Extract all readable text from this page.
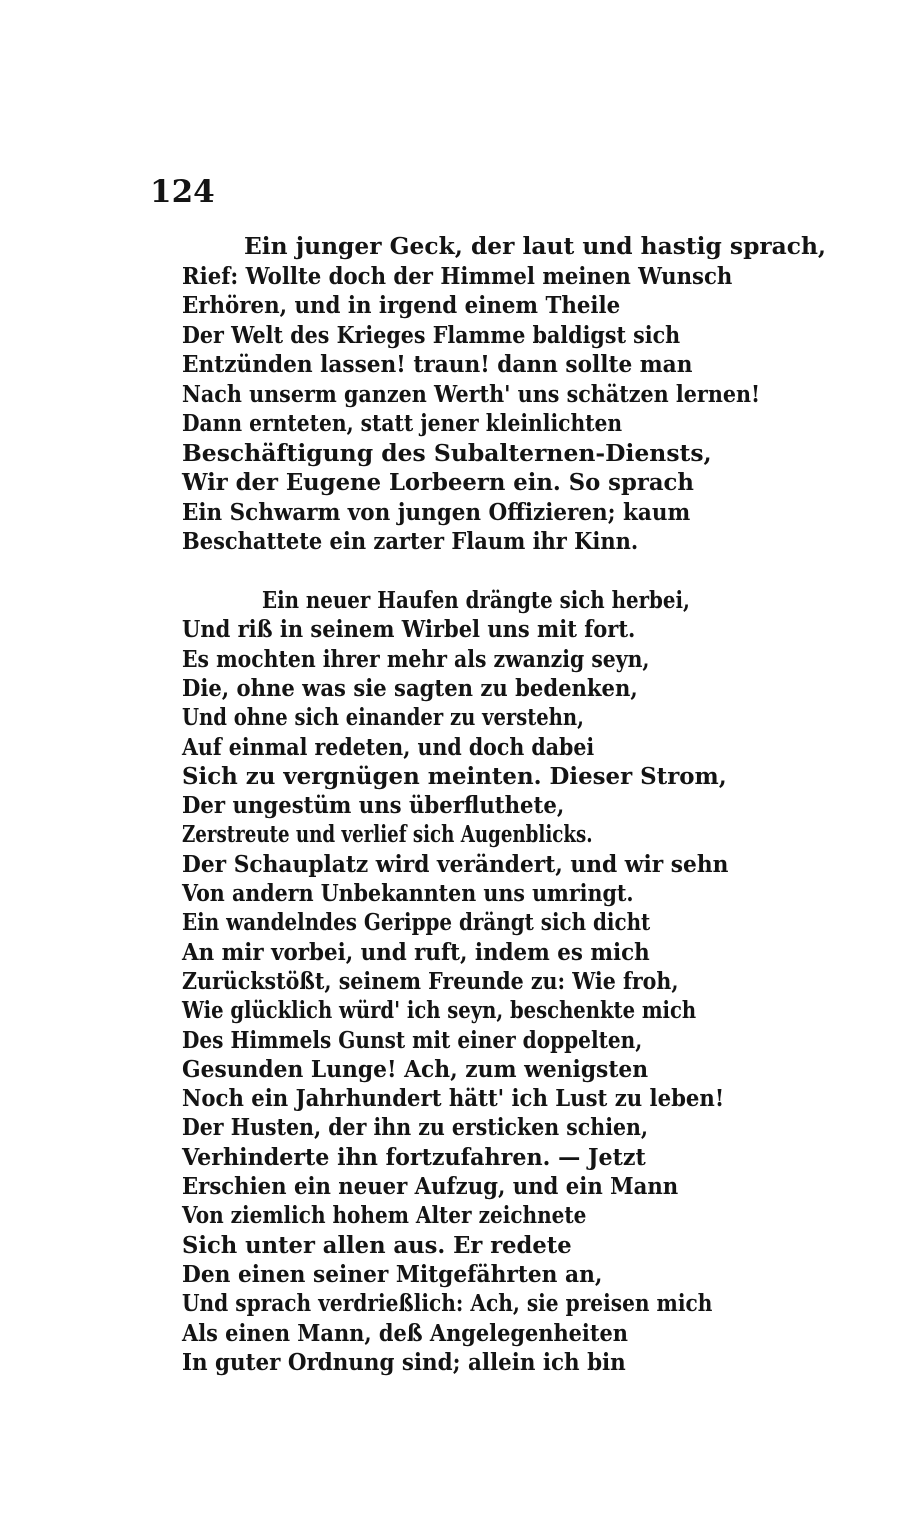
124
Ein junger Geck, der laut und hastig sprach,
Rief: Wollte doch der Himmel meinen Wunsch
Erhören, und in irgend einem Theile
Der Welt des Krieges Flamme baldigst sich
Entzünden lassen! traun! dann sollte man
Nach unserm ganzen Werth' uns schätzen lernen!
Dann ernteten, statt jener kleinlichten
Beschäftigung des Subalternen-Diensts,
Wir der Eugene Lorbeern ein. So sprach
Ein Schwarm von jungen Offizieren; kaum
Beschattete ein zarter Flaum ihr Kinn.
Ein neuer Haufen drängte sich herbei,
Und riß in seinem Wirbel uns mit fort.
Es mochten ihrer mehr als zwanzig seyn,
Die, ohne was sie sagten zu bedenken,
Und ohne sich einander zu verstehn,
Auf einmal redeten, und doch dabei
Sich zu vergnügen meinten. Dieser Strom,
Der ungestüm uns überfluthete,
Zerstreute und verlief sich Augenblicks.
Der Schauplatz wird verändert, und wir sehn
Von andern Unbekannten uns umringt.
Ein wandelndes Gerippe drängt sich dicht
An mir vorbei, und ruft, indem es mich
Zurückstößt, seinem Freunde zu: Wie froh,
Wie glücklich würd' ich seyn, beschenkte mich
Des Himmels Gunst mit einer doppelten,
Gesunden Lunge! Ach, zum wenigsten
Noch ein Jahrhundert hätt' ich Lust zu leben!
Der Husten, der ihn zu ersticken schien,
Verhinderte ihn fortzufahren. — Jetzt
Erschien ein neuer Aufzug, und ein Mann
Von ziemlich hohem Alter zeichnete
Sich unter allen aus. Er redete
Den einen seiner Mitgefährten an,
Und sprach verdrießlich: Ach, sie preisen mich
Als einen Mann, deß Angelegenheiten
In guter Ordnung sind; allein ich bin
